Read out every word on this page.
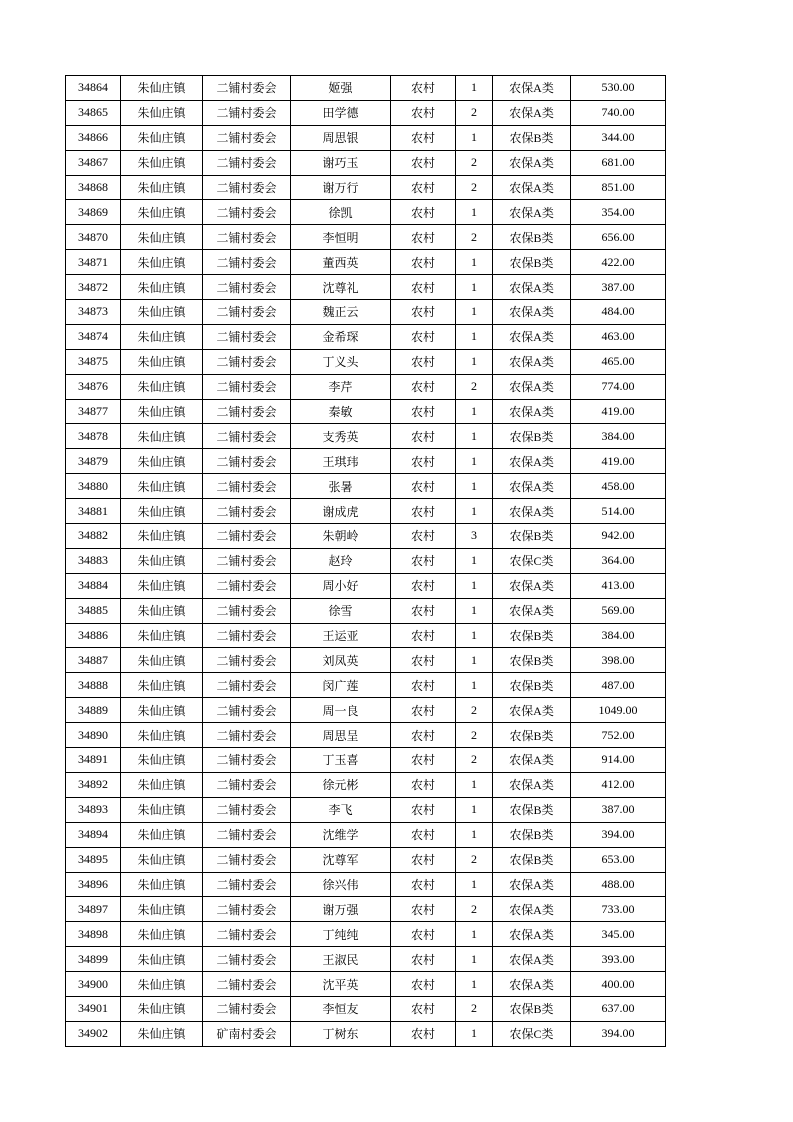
34864	朱仙庄镇	二铺村委会	姬强	农村	1	农保A类	530.00
34865	朱仙庄镇	二铺村委会	田学德	农村	2	农保A类	740.00
34866	朱仙庄镇	二铺村委会	周思银	农村	1	农保B类	344.00
34867	朱仙庄镇	二铺村委会	谢巧玉	农村	2	农保A类	681.00
34868	朱仙庄镇	二铺村委会	谢万行	农村	2	农保A类	851.00
34869	朱仙庄镇	二铺村委会	徐凯	农村	1	农保A类	354.00
34870	朱仙庄镇	二铺村委会	李恒明	农村	2	农保B类	656.00
34871	朱仙庄镇	二铺村委会	董西英	农村	1	农保B类	422.00
34872	朱仙庄镇	二铺村委会	沈尊礼	农村	1	农保A类	387.00
34873	朱仙庄镇	二铺村委会	魏正云	农村	1	农保A类	484.00
34874	朱仙庄镇	二铺村委会	金希琛	农村	1	农保A类	463.00
34875	朱仙庄镇	二铺村委会	丁义头	农村	1	农保A类	465.00
34876	朱仙庄镇	二铺村委会	李芹	农村	2	农保A类	774.00
34877	朱仙庄镇	二铺村委会	秦敏	农村	1	农保A类	419.00
34878	朱仙庄镇	二铺村委会	支秀英	农村	1	农保B类	384.00
34879	朱仙庄镇	二铺村委会	王琪玮	农村	1	农保A类	419.00
34880	朱仙庄镇	二铺村委会	张暑	农村	1	农保A类	458.00
34881	朱仙庄镇	二铺村委会	谢成虎	农村	1	农保A类	514.00
34882	朱仙庄镇	二铺村委会	朱朝岭	农村	3	农保B类	942.00
34883	朱仙庄镇	二铺村委会	赵玲	农村	1	农保C类	364.00
34884	朱仙庄镇	二铺村委会	周小好	农村	1	农保A类	413.00
34885	朱仙庄镇	二铺村委会	徐雪	农村	1	农保A类	569.00
34886	朱仙庄镇	二铺村委会	王运亚	农村	1	农保B类	384.00
34887	朱仙庄镇	二铺村委会	刘凤英	农村	1	农保B类	398.00
34888	朱仙庄镇	二铺村委会	闵广莲	农村	1	农保B类	487.00
34889	朱仙庄镇	二铺村委会	周一良	农村	2	农保A类	1049.00
34890	朱仙庄镇	二铺村委会	周思呈	农村	2	农保B类	752.00
34891	朱仙庄镇	二铺村委会	丁玉喜	农村	2	农保A类	914.00
34892	朱仙庄镇	二铺村委会	徐元彬	农村	1	农保A类	412.00
34893	朱仙庄镇	二铺村委会	李飞	农村	1	农保B类	387.00
34894	朱仙庄镇	二铺村委会	沈维学	农村	1	农保B类	394.00
34895	朱仙庄镇	二铺村委会	沈尊军	农村	2	农保B类	653.00
34896	朱仙庄镇	二铺村委会	徐兴伟	农村	1	农保A类	488.00
34897	朱仙庄镇	二铺村委会	谢万强	农村	2	农保A类	733.00
34898	朱仙庄镇	二铺村委会	丁纯纯	农村	1	农保A类	345.00
34899	朱仙庄镇	二铺村委会	王淑民	农村	1	农保A类	393.00
34900	朱仙庄镇	二铺村委会	沈平英	农村	1	农保A类	400.00
34901	朱仙庄镇	二铺村委会	李恒友	农村	2	农保B类	637.00
34902	朱仙庄镇	矿南村委会	丁树东	农村	1	农保C类	394.00
